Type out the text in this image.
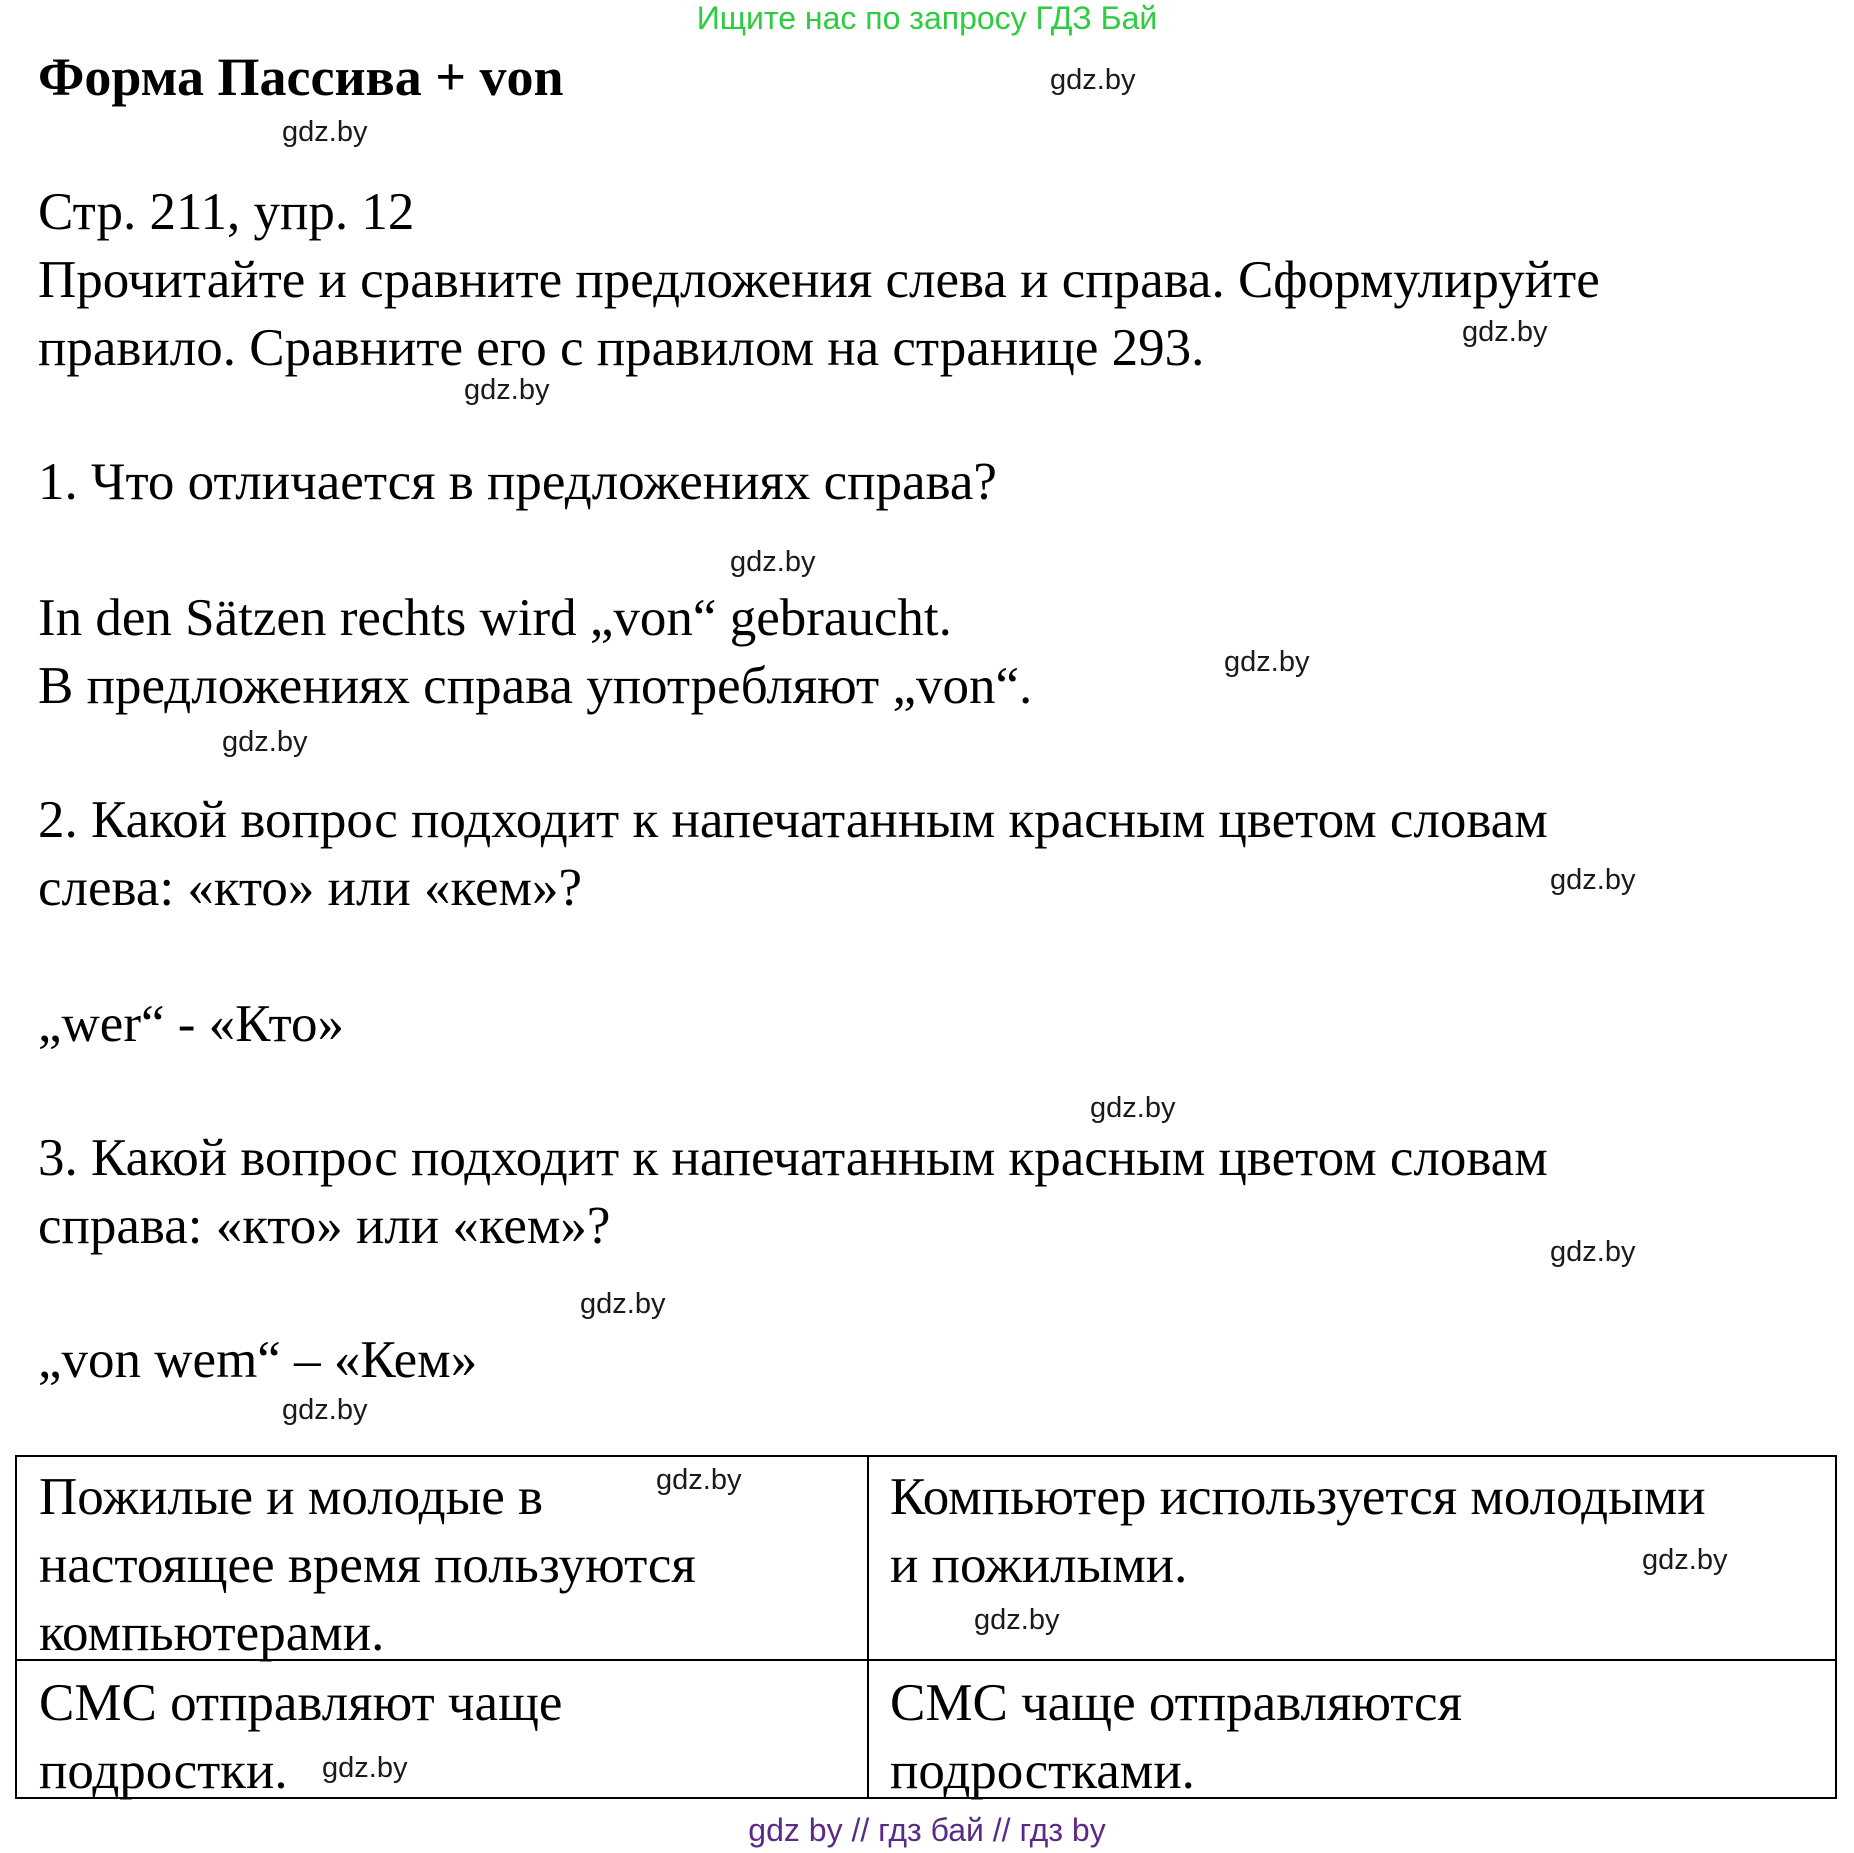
Ищите нас по запросу ГДЗ Бай
Форма Пассива + von
Стр. 211, упр. 12
Прочитайте и сравните предложения слева и справа. Сформулируйте
правило. Сравните его с правилом на странице 293.
1. Что отличается в предложениях справа?
In den Sätzen rechts wird „von“ gebraucht.
В предложениях справа употребляют „von“.
2. Какой вопрос подходит к напечатанным красным цветом словам
слева: «кто» или «кем»?
„wer“ - «Кто»
3. Какой вопрос подходит к напечатанным красным цветом словам
справа: «кто» или «кем»?
„von wem“ – «Кем»
Пожилые и молодые в
настоящее время пользуются
компьютерами.
Компьютер используется молодыми
и пожилыми.
СМС отправляют чаще
подростки.
СМС чаще отправляются
подростками.
gdz.by
gdz.by
gdz.by
gdz.by
gdz.by
gdz.by
gdz.by
gdz.by
gdz.by
gdz.by
gdz.by
gdz.by
gdz.by
gdz.by
gdz.by
gdz.by
gdz by // гдз бай // гдз by
